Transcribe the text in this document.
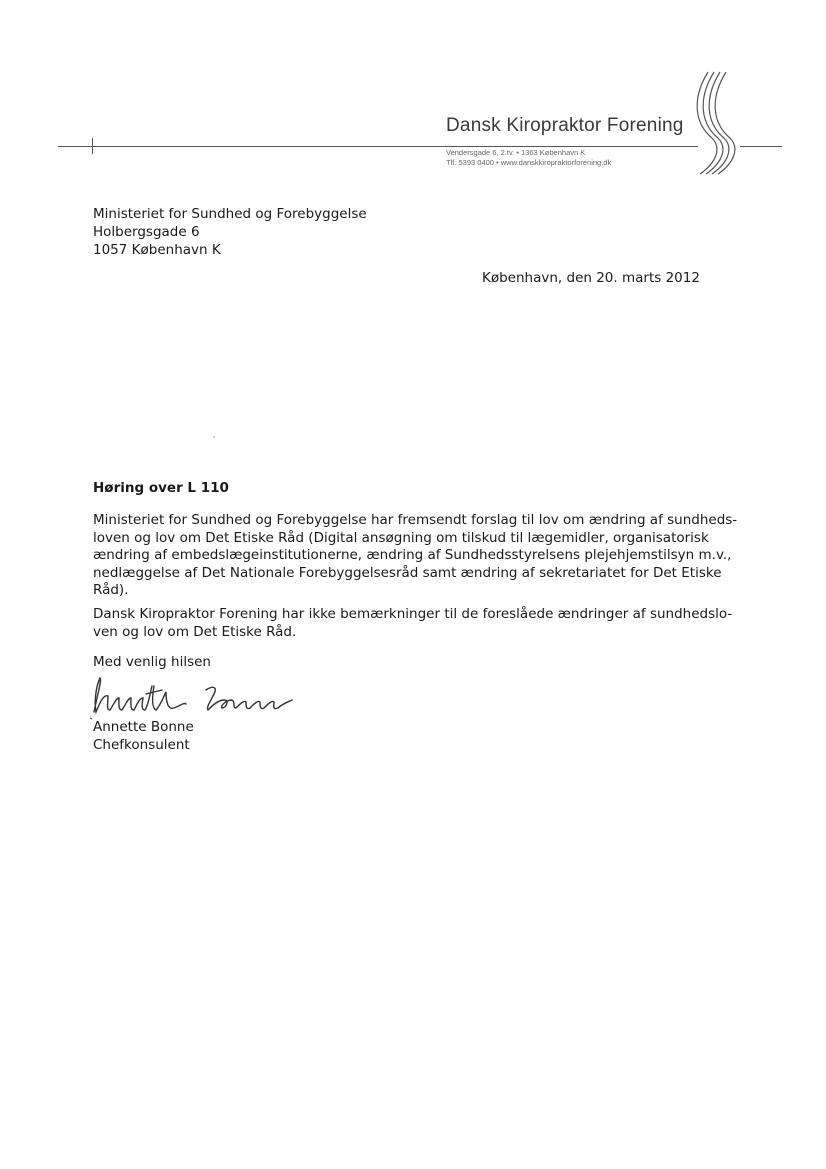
Dansk Kiropraktor Forening
Vendersgade 6, 2.tv. • 1363 København K
Tlf. 5393 0400 • www.danskkiropraktorforening.dk
Ministeriet for Sundhed og Forebyggelse
Holbergsgade 6
1057 København K
København, den 20. marts 2012
Høring over L 110
Ministeriet for Sundhed og Forebyggelse har fremsendt forslag til lov om ændring af sundheds-
loven og lov om Det Etiske Råd (Digital ansøgning om tilskud til lægemidler, organisatorisk
ændring af embedslægeinstitutionerne, ændring af Sundhedsstyrelsens plejehjemstilsyn m.v.,
nedlæggelse af Det Nationale Forebyggelsesråd samt ændring af sekretariatet for Det Etiske
Råd).
Dansk Kiropraktor Forening har ikke bemærkninger til de foreslåede ændringer af sundhedslo-
ven og lov om Det Etiske Råd.
Med venlig hilsen
Annette Bonne
Chefkonsulent
